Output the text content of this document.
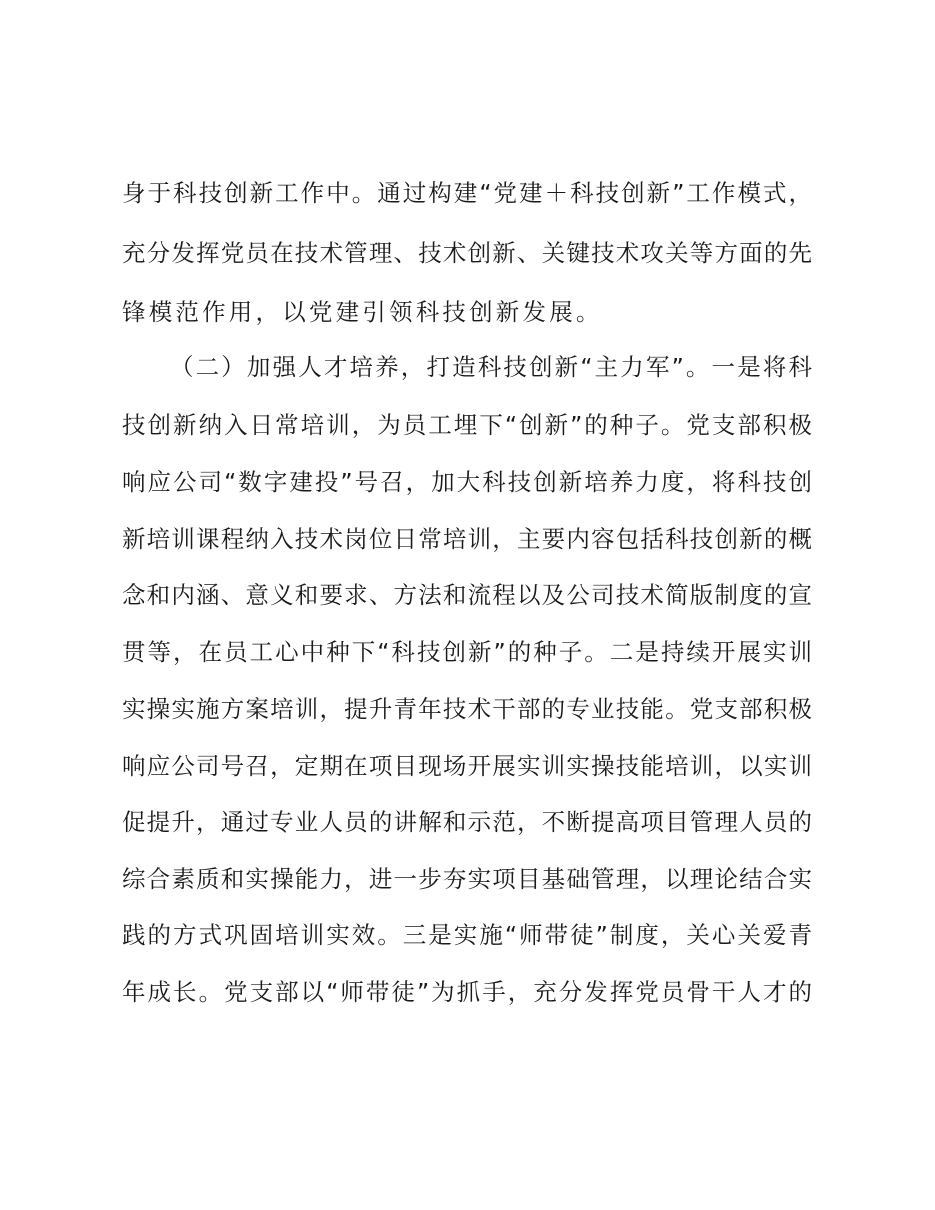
身于科技创新工作中。通过构建“党建＋科技创新”工作模式，
充分发挥党员在技术管理、技术创新、关键技术攻关等方面的先
锋模范作用，以党建引领科技创新发展。
（二）加强人才培养，打造科技创新“主力军”。一是将科
技创新纳入日常培训，为员工埋下“创新”的种子。党支部积极
响应公司“数字建投”号召，加大科技创新培养力度，将科技创
新培训课程纳入技术岗位日常培训，主要内容包括科技创新的概
念和内涵、意义和要求、方法和流程以及公司技术简版制度的宣
贯等，在员工心中种下“科技创新”的种子。二是持续开展实训
实操实施方案培训，提升青年技术干部的专业技能。党支部积极
响应公司号召，定期在项目现场开展实训实操技能培训，以实训
促提升，通过专业人员的讲解和示范，不断提高项目管理人员的
综合素质和实操能力，进一步夯实项目基础管理，以理论结合实
践的方式巩固培训实效。三是实施“师带徒”制度，关心关爱青
年成长。党支部以“师带徒”为抓手，充分发挥党员骨干人才的
